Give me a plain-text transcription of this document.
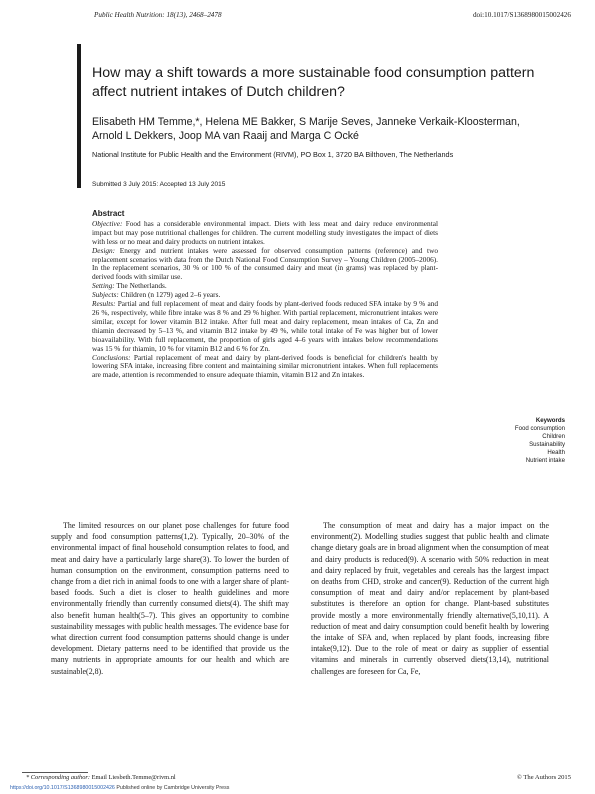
Public Health Nutrition: 18(13), 2468–2478	doi:10.1017/S1368980015002426
How may a shift towards a more sustainable food consumption pattern affect nutrient intakes of Dutch children?
Elisabeth HM Temme,*, Helena ME Bakker, S Marije Seves, Janneke Verkaik-Kloosterman, Arnold L Dekkers, Joop MA van Raaij and Marga C Ocké
National Institute for Public Health and the Environment (RIVM), PO Box 1, 3720 BA Bilthoven, The Netherlands
Submitted 3 July 2015: Accepted 13 July 2015
Abstract

Objective: Food has a considerable environmental impact. Diets with less meat and dairy reduce environmental impact but may pose nutritional challenges for children. The current modelling study investigates the impact of diets with less or no meat and dairy products on nutrient intakes.
Design: Energy and nutrient intakes were assessed for observed consumption patterns (reference) and two replacement scenarios with data from the Dutch National Food Consumption Survey – Young Children (2005–2006). In the replacement scenarios, 30 % or 100 % of the consumed dairy and meat (in grams) was replaced by plant-derived foods with similar use.
Setting: The Netherlands.
Subjects: Children (n 1279) aged 2–6 years.
Results: Partial and full replacement of meat and dairy foods by plant-derived foods reduced SFA intake by 9 % and 26 %, respectively, while fibre intake was 8 % and 29 % higher. With partial replacement, micronutrient intakes were similar, except for lower vitamin B12 intake. After full meat and dairy replacement, mean intakes of Ca, Zn and thiamin decreased by 5–13 %, and vitamin B12 intake by 49 %, while total intake of Fe was higher but of lower bioavailability. With full replacement, the proportion of girls aged 4–6 years with intakes below recommendations was 15 % for thiamin, 10 % for vitamin B12 and 6 % for Zn.
Conclusions: Partial replacement of meat and dairy by plant-derived foods is beneficial for children's health by lowering SFA intake, increasing fibre content and maintaining similar micronutrient intakes. When full replacements are made, attention is recommended to ensure adequate thiamin, vitamin B12 and Zn intakes.

Keywords
Food consumption
Children
Sustainability
Health
Nutrient intake

The limited resources on our planet pose challenges for future food supply and food consumption patterns(1,2). Typically, 20–30% of the environmental impact of final household consumption relates to food, and meat and dairy have a particularly large share(3). To lower the burden of human consumption on the environment, consumption patterns need to change from a diet rich in animal foods to one with a larger share of plant-based foods. Such a diet is closer to health guidelines and more environmentally friendly than currently consumed diets(4). The shift may also benefit human health(5–7). This gives an opportunity to combine sustainability messages with public health messages. The evidence base for what direction current food consumption patterns should change is under development. Dietary patterns need to be identified that provide us the many nutrients in appropriate amounts for our health and which are sustainable(2,8).

The consumption of meat and dairy has a major impact on the environment(2). Modelling studies suggest that public health and climate change dietary goals are in broad alignment when the consumption of meat and dairy products is reduced(9). A scenario with 50% reduction in meat and dairy replaced by fruit, vegetables and cereals has the largest impact on deaths from CHD, stroke and cancer(9). Reduction of the current high consumption of meat and dairy and/or replacement by plant-based substitutes is therefore an option for change. Plant-based substitutes provide mostly a more environmentally friendly alternative(5,10,11). A reduction of meat and dairy consumption could benefit health by lowering the intake of SFA and, when replaced by plant foods, increasing fibre intake(9,12). Due to the role of meat or dairy as supplier of essential vitamins and minerals in currently observed diets(13,14), nutritional challenges are foreseen for Ca, Fe,

* Corresponding author: Email Liesbeth.Temme@rivm.nl	© The Authors 2015
https://doi.org/10.1017/S1368980015002426 Published online by Cambridge University Press
